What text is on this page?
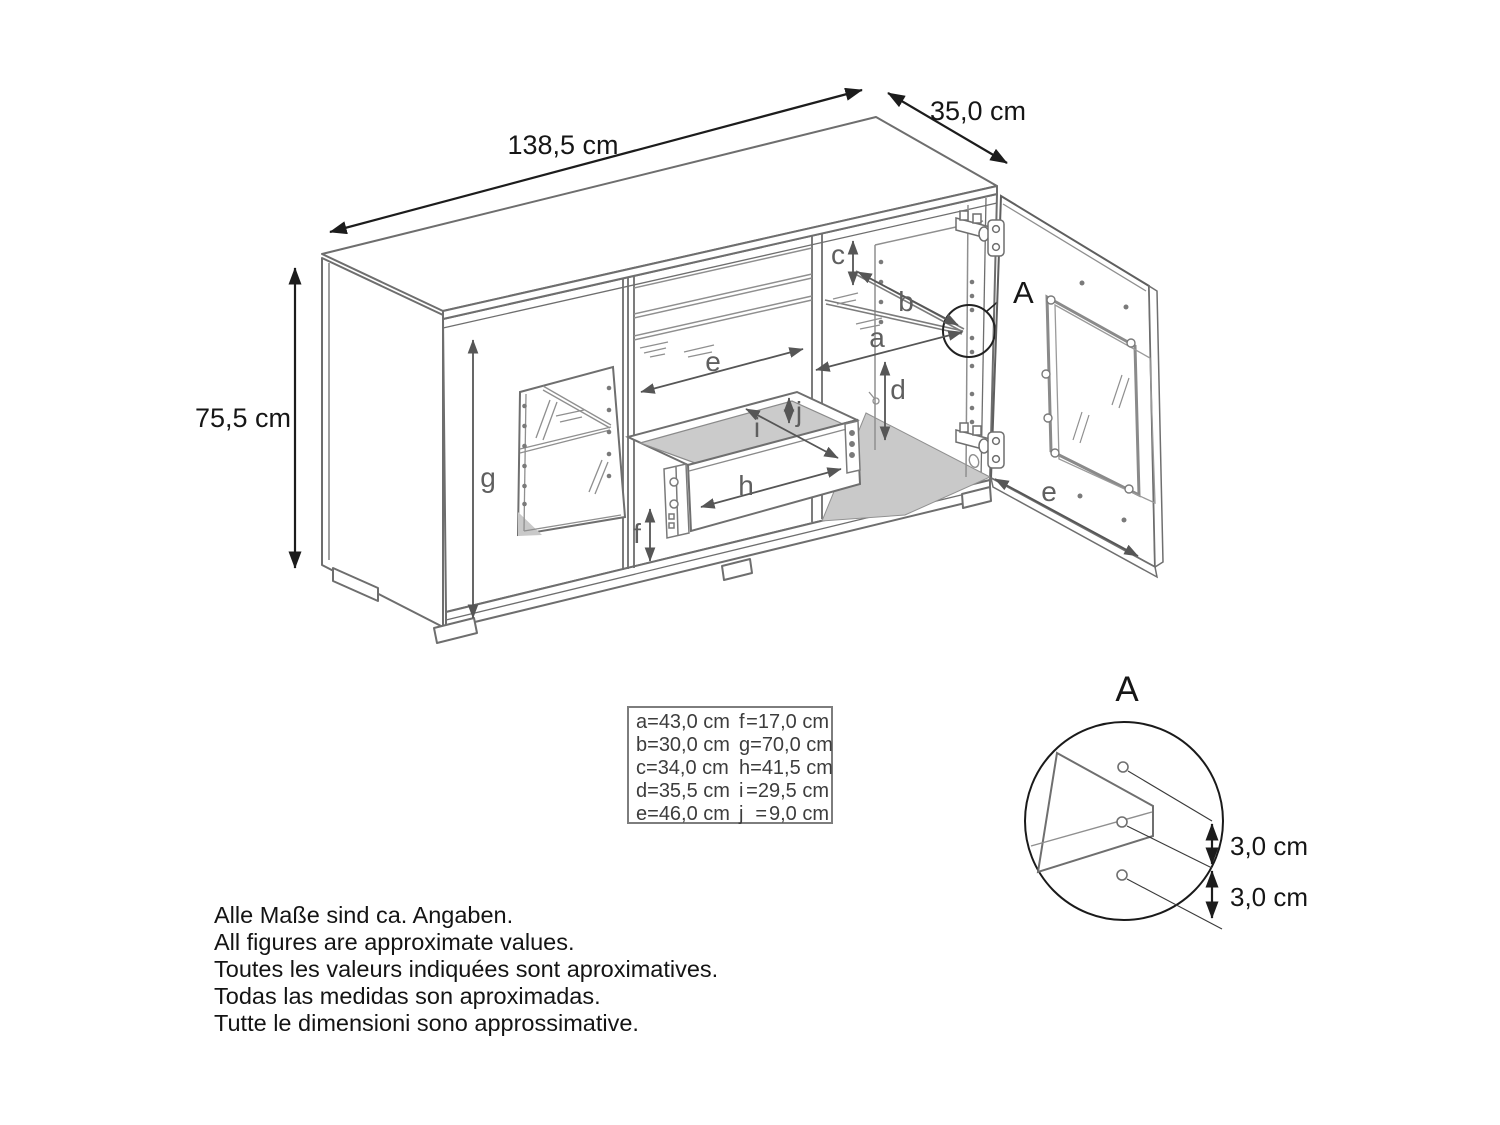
a
b
c
d
e
e
f
g	h
i
j
A
138,5 cm
35,0 cm
75,5 cm
A
3,0 cm
3,0 cm
a = 43,0 cm f = 17,0 cm
b = 30,0 cm g = 70,0 cm
c = 34,0 cm h = 41,5 cm
d = 35,5 cm i = 29,5 cm
e = 46,0 cm j = 9,0 cm
Alle Maße sind ca. Angaben.
All figures are approximate values.
Toutes les valeurs indiquées sont aproximatives.
Todas las medidas son aproximadas.
Tutte le dimensioni sono approssimative.
